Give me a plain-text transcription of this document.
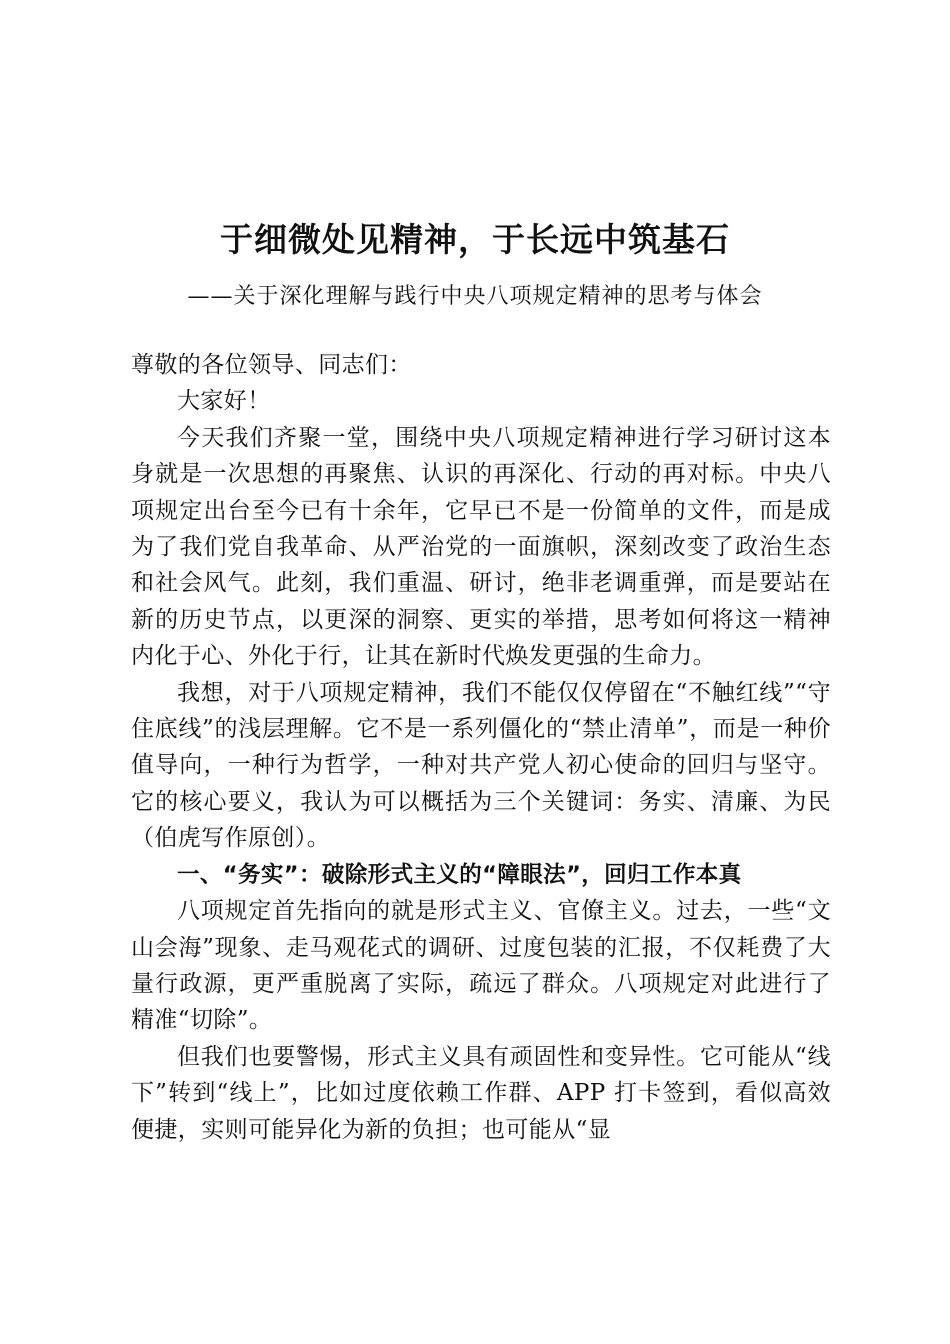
于细微处见精神，于长远中筑基石
——关于深化理解与践行中央八项规定精神的思考与体会

尊敬的各位领导、同志们：

大家好！

今天我们齐聚一堂，围绕中央八项规定精神进行学习研讨这本身就是一次思想的再聚焦、认识的再深化、行动的再对标。中央八项规定出台至今已有十余年，它早已不是一份简单的文件，而是成为了我们党自我革命、从严治党的一面旗帜，深刻改变了政治生态和社会风气。此刻，我们重温、研讨，绝非老调重弹，而是要站在新的历史节点，以更深的洞察、更实的举措，思考如何将这一精神内化于心、外化于行，让其在新时代焕发更强的生命力。

我想，对于八项规定精神，我们不能仅仅停留在“不触红线”“守住底线”的浅层理解。它不是一系列僵化的“禁止清单”，而是一种价值导向，一种行为哲学，一种对共产党人初心使命的回归与坚守。它的核心要义，我认为可以概括为三个关键词：务实、清廉、为民（伯虎写作原创）。

一、“务实”：破除形式主义的“障眼法”，回归工作本真

八项规定首先指向的就是形式主义、官僚主义。过去，一些“文山会海”现象、走马观花式的调研、过度包装的汇报，不仅耗费了大量行政源，更严重脱离了实际，疏远了群众。八项规定对此进行了精准“切除”。

但我们也要警惕，形式主义具有顽固性和变异性。它可能从“线下”转到“线上”，比如过度依赖工作群、APP 打卡签到，看似高效便捷，实则可能异化为新的负担；也可能从“显
